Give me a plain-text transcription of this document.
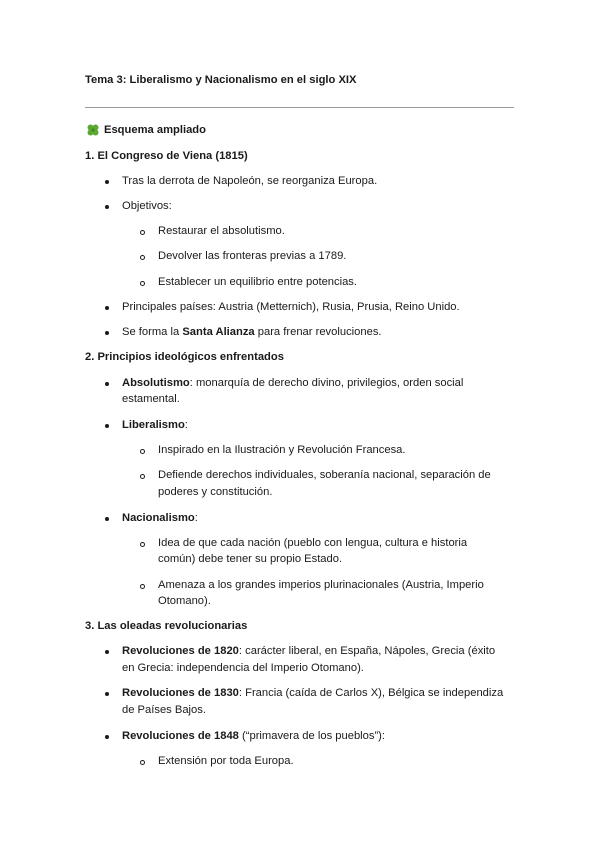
Tema 3: Liberalismo y Nacionalismo en el siglo XIX
Esquema ampliado
1. El Congreso de Viena (1815)
Tras la derrota de Napoleón, se reorganiza Europa.
Objetivos:
Restaurar el absolutismo.
Devolver las fronteras previas a 1789.
Establecer un equilibrio entre potencias.
Principales países: Austria (Metternich), Rusia, Prusia, Reino Unido.
Se forma la Santa Alianza para frenar revoluciones.
2. Principios ideológicos enfrentados
Absolutismo: monarquía de derecho divino, privilegios, orden social
estamental.
Liberalismo:
Inspirado en la Ilustración y Revolución Francesa.
Defiende derechos individuales, soberanía nacional, separación de
poderes y constitución.
Nacionalismo:
Idea de que cada nación (pueblo con lengua, cultura e historia
común) debe tener su propio Estado.
Amenaza a los grandes imperios plurinacionales (Austria, Imperio
Otomano).
3. Las oleadas revolucionarias
Revoluciones de 1820: carácter liberal, en España, Nápoles, Grecia (éxito
en Grecia: independencia del Imperio Otomano).
Revoluciones de 1830: Francia (caída de Carlos X), Bélgica se independiza
de Países Bajos.
Revoluciones de 1848 (“primavera de los pueblos”):
Extensión por toda Europa.
